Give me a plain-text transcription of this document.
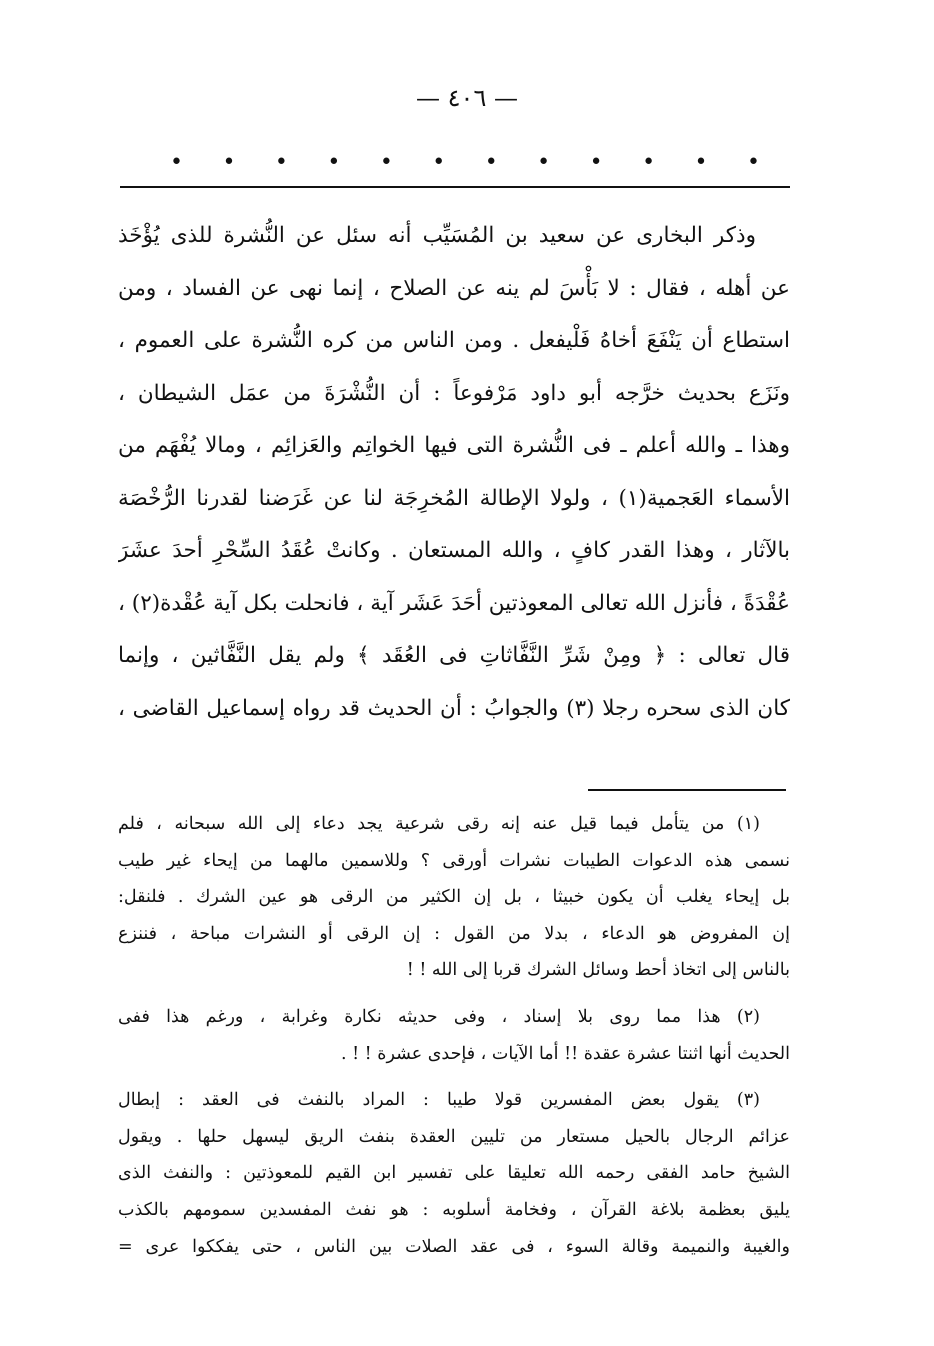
— ٤٠٦ —
• • • • • • • • • • • •
وذكر البخارى عن سعيد بن المُسَيِّب أنه سئل عن النُّشرة للذى يُؤْخَذ
عن أهله ، فقال : لا بَأْسَ لم ينه عن الصلاح ، إنما نهى عن الفساد ، ومن
استطاع أن يَنْفَعَ أخاهُ فَلْيفعل . ومن الناس من كره النُّشرة على العموم ،
ونَزَع بحديث خرَّجه أبو داود مَرْفوعاً : أن النُّشْرَةَ من عمَل الشيطان ،
وهذا ـ والله أعلم ـ فى النُّشرة التى فيها الخواتِم والعَزائِم ، ومالا يُفْهَم من
الأسماء العَجمية(١) ، ولولا الإطالة المُخرِجَة لنا عن غَرَضنا لقدرنا الرُّخْصَة
بالآثار ، وهذا القدر كافٍ ، والله المستعان . وكانتْ عُقَدُ السِّحْرِ أحدَ عشَرَ
عُقْدَةً ، فأنزل الله تعالى المعوذتين أحَدَ عَشَر آية ، فانحلت بكل آية عُقْدة(٢) ،
قال تعالى : ﴿ ومِنْ شَرِّ النَّفَّاثاتِ فى العُقَد ﴾ ولم يقل النَّفَّاثين ، وإنما
كان الذى سحره رجلا (٣) والجوابُ : أن الحديث قد رواه إسماعيل القاضى ،
(١) من يتأمل فيما قيل عنه إنه رقى شرعية يجد دعاء إلى الله سبحانه ، فلم
نسمى هذه الدعوات الطيبات نشرات أورقى ؟ وللاسمين مالهما من إيحاء غير طيب
بل إيحاء يغلب أن يكون خبيثا ، بل إن الكثير من الرقى هو عين الشرك . فلنقل:
إن المفروض هو الدعاء ، بدلا من القول : إن الرقى أو النشرات مباحة ، فننزع
بالناس إلى اتخاذ أحط وسائل الشرك قربا إلى الله ! !
(٢) هذا مما روى بلا إسناد ، وفى حديثه نكارة وغرابة ، ورغم هذا ففى
الحديث أنها اثنتا عشرة عقدة !! أما الآيات ، فإحدى عشرة ! ! .
(٣) يقول بعض المفسرين قولا طيبا : المراد بالنفث فى العقد : إبطال
عزائم الرجال بالحيل مستعار من تليين العقدة بنفث الريق ليسهل حلها . ويقول
الشيخ حامد الفقى رحمه الله تعليقا على تفسير ابن القيم للمعوذتين : والنفث الذى
يليق بعظمة بلاغة القرآن ، وفخامة أسلوبه : هو نفث المفسدين سمومهم بالكذب
والغيبة والنميمة وقالة السوء ، فى عقد الصلات بين الناس ، حتى يفككوا عرى =
